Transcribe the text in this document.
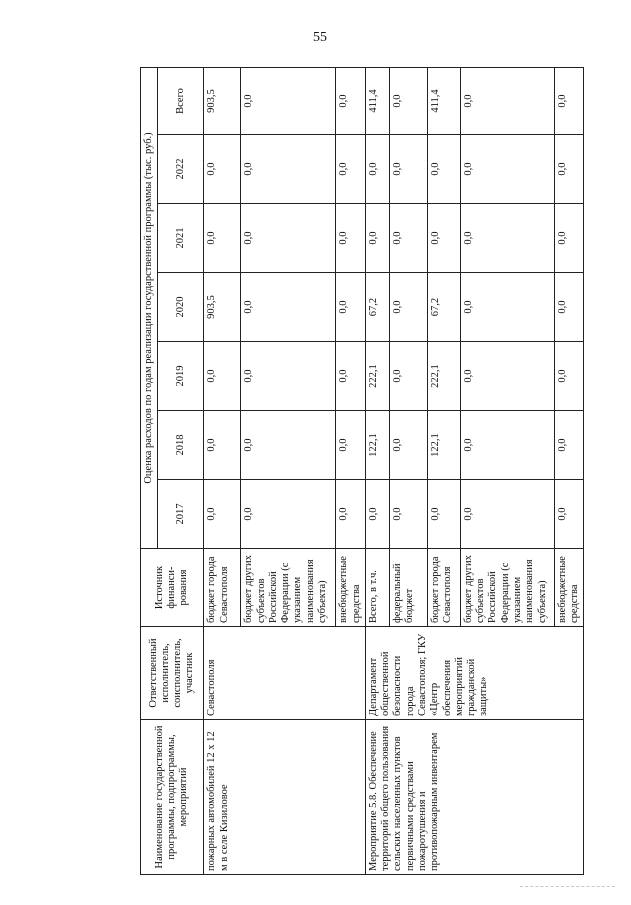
55
Наименование государственной программы, подпрограммы, мероприятий	Ответственный исполнитель, соисполнитель, участник	Источник финанси-рования	Оценка расходов по годам реализации государственной программы (тыс. руб.)						
			2017	2018	2019	2020	2021	2022	Всего
пожарных автомобилей 12 х 12 м в селе Кизиловое	Севастополя	бюджет города Севастополя	0,0	0,0	0,0	903,5	0,0	0,0	903,5
		бюджет других субъектов Российской Федерации (с указанием наименования субъекта)	0,0	0,0	0,0	0,0	0,0	0,0	0,0
		внебюджетные средства	0,0	0,0	0,0	0,0	0,0	0,0	0,0
Мероприятие 5.8. Обеспечение территорий общего пользования сельских населенных пунктов первичными средствами пожаротушения и противопожарным инвентарем	Департамент общественной безопасности города Севастополя; ГКУ «Центр обеспечения мероприятий гражданской защиты»	Всего, в т.ч.	0,0	122,1	222,1	67,2	0,0	0,0	411,4
		федеральный бюджет	0,0	0,0	0,0	0,0	0,0	0,0	0,0
		бюджет города Севастополя	0,0	122,1	222,1	67,2	0,0	0,0	411,4
		бюджет других субъектов Российской Федерации (с указанием наименования субъекта)	0,0	0,0	0,0	0,0	0,0	0,0	0,0
		внебюджетные средства	0,0	0,0	0,0	0,0	0,0	0,0	0,0
